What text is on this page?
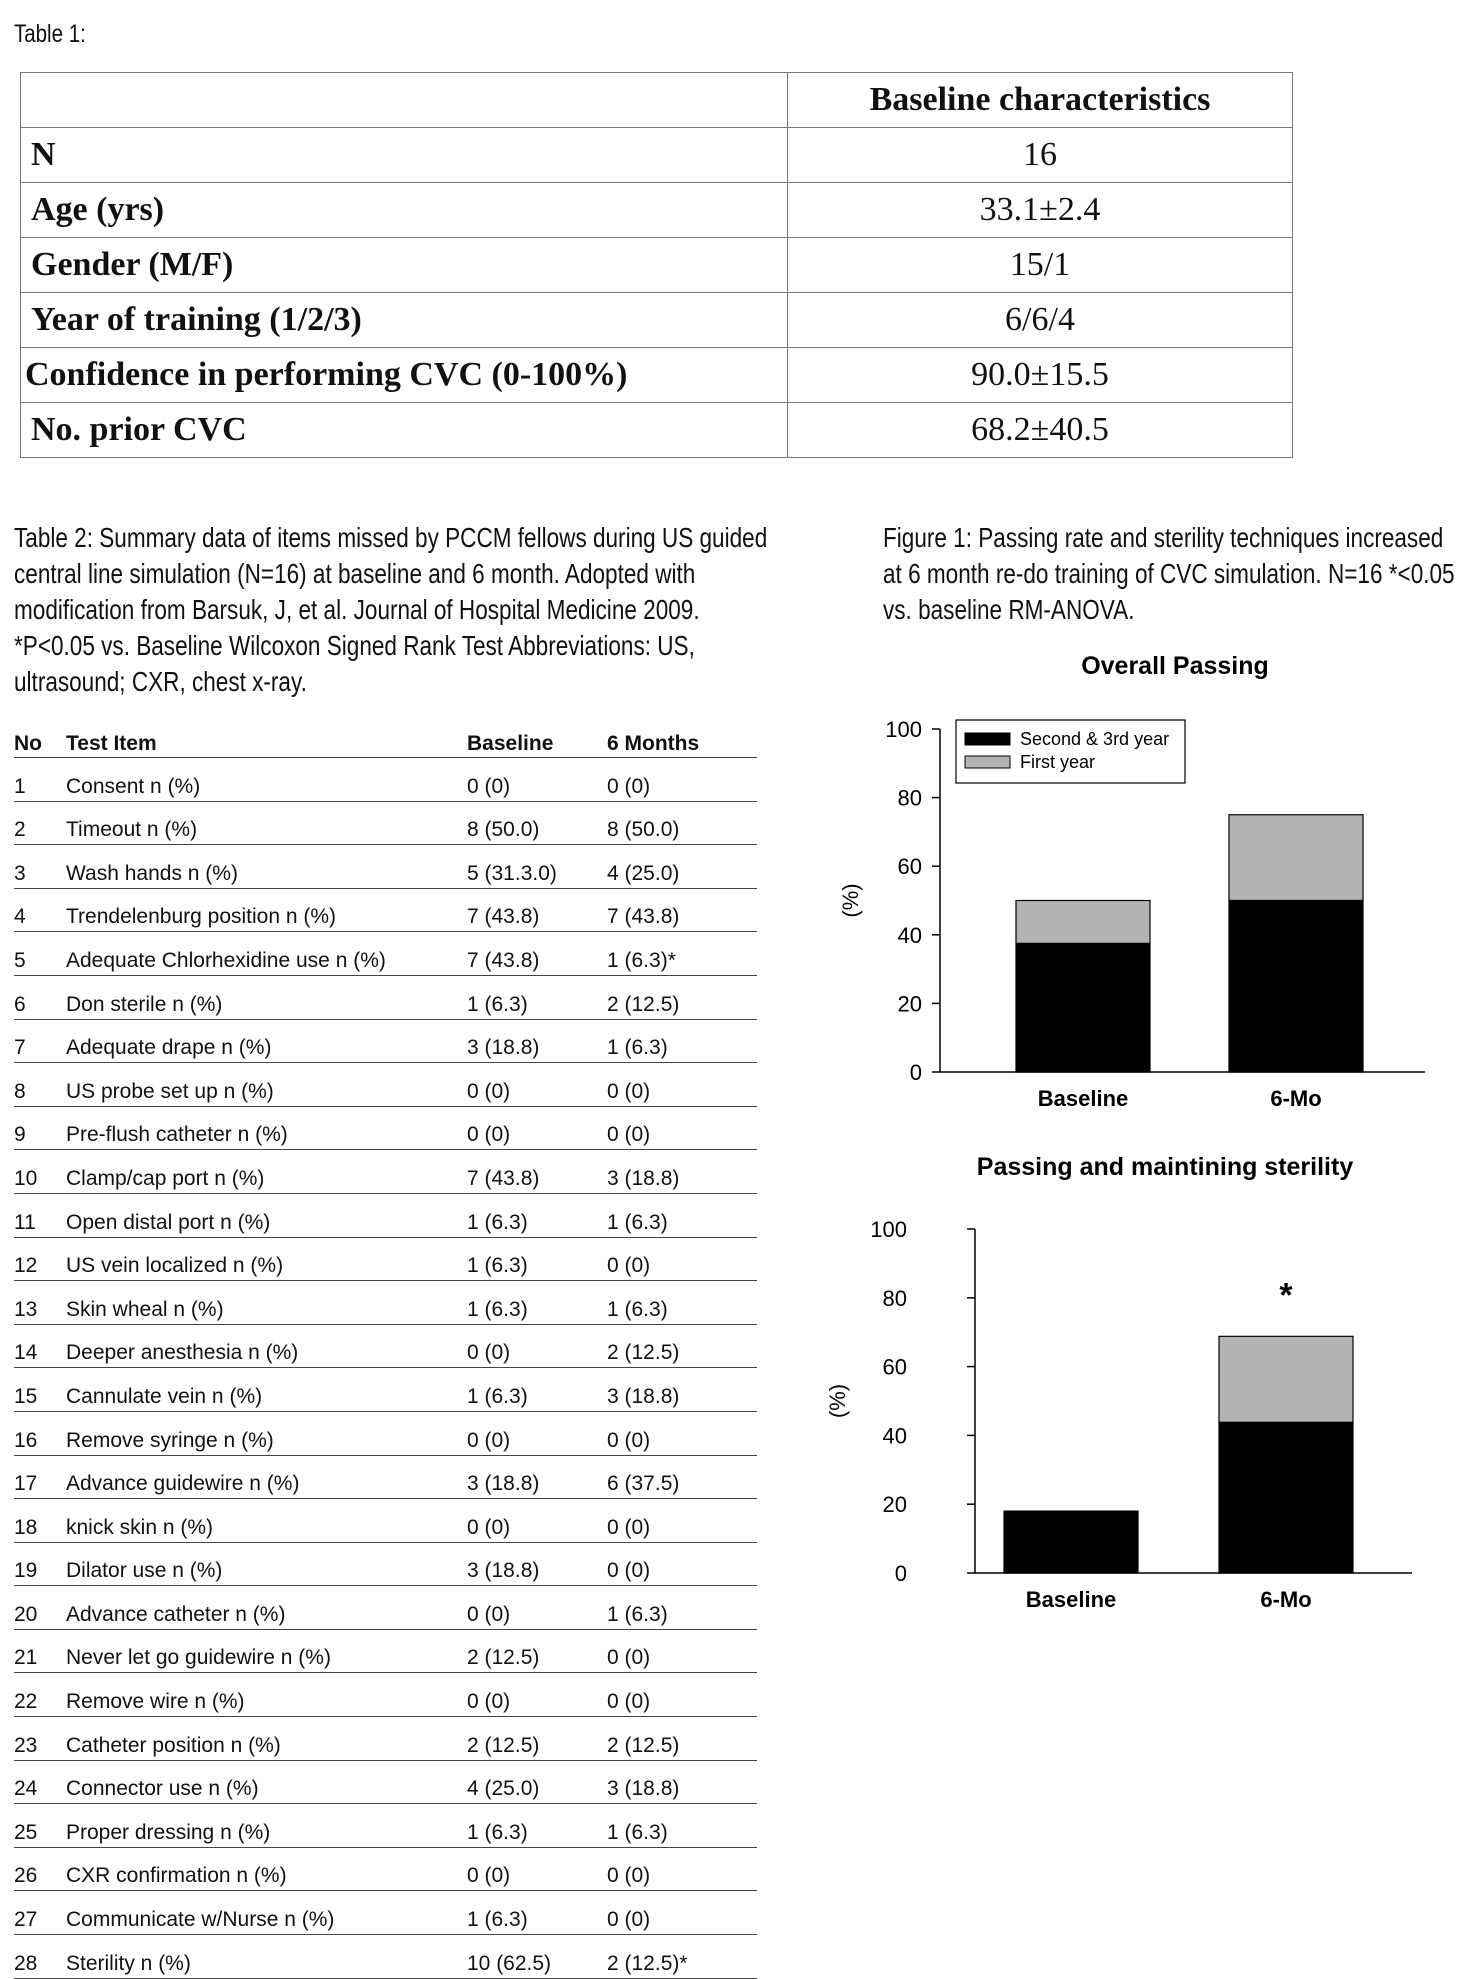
Table 1:
	Baseline characteristics
N	16
Age (yrs)	33.1±2.4
Gender (M/F)	15/1
Year of training (1/2/3)	6/6/4
Confidence in performing CVC (0-100%)	90.0±15.5
No. prior CVC	68.2±40.5
Table 2: Summary data of items missed by PCCM fellows during US guided central line simulation (N=16) at baseline and 6 month. Adopted with modification from Barsuk, J, et al. Journal of Hospital Medicine 2009. *P<0.05 vs. Baseline Wilcoxon Signed Rank Test Abbreviations: US, ultrasound; CXR, chest x-ray.
Figure 1: Passing rate and sterility techniques increased at 6 month re-do training of CVC simulation. N=16 *<0.05 vs. baseline RM-ANOVA.
No	Test Item	Baseline	6 Months
1	Consent n (%)	0 (0)	0 (0)
2	Timeout n (%)	8 (50.0)	8 (50.0)
3	Wash hands n (%)	5 (31.3.0)	4 (25.0)
4	Trendelenburg position n (%)	7 (43.8)	7 (43.8)
5	Adequate Chlorhexidine use n (%)	7 (43.8)	1 (6.3)*
6	Don sterile n (%)	1 (6.3)	2 (12.5)
7	Adequate drape n (%)	3 (18.8)	1 (6.3)
8	US probe set up n (%)	0 (0)	0 (0)
9	Pre-flush catheter n (%)	0 (0)	0 (0)
10	Clamp/cap port n (%)	7 (43.8)	3 (18.8)
11	Open distal port n (%)	1 (6.3)	1 (6.3)
12	US vein localized n (%)	1 (6.3)	0 (0)
13	Skin wheal n (%)	1 (6.3)	1 (6.3)
14	Deeper anesthesia n (%)	0 (0)	2 (12.5)
15	Cannulate vein n (%)	1 (6.3)	3 (18.8)
16	Remove syringe n (%)	0 (0)	0 (0)
17	Advance guidewire n (%)	3 (18.8)	6 (37.5)
18	knick skin n (%)	0 (0)	0 (0)
19	Dilator use n (%)	3 (18.8)	0 (0)
20	Advance catheter n (%)	0 (0)	1 (6.3)
21	Never let go guidewire n (%)	2 (12.5)	0 (0)
22	Remove wire n (%)	0 (0)	0 (0)
23	Catheter position n (%)	2 (12.5)	2 (12.5)
24	Connector use n (%)	4 (25.0)	3 (18.8)
25	Proper dressing n (%)	1 (6.3)	1 (6.3)
26	CXR confirmation n (%)	0 (0)	0 (0)
27	Communicate w/Nurse n (%)	1 (6.3)	0 (0)
28	Sterility n (%)	10 (62.5)	2 (12.5)*
Overall Passing
0
20
40
60
80
100
(%)
Baseline	6-Mo
Second & 3rd year
First year
Passing and maintining sterility
0
20
40
60
80
100
(%)
Baseline	6-Mo
*
